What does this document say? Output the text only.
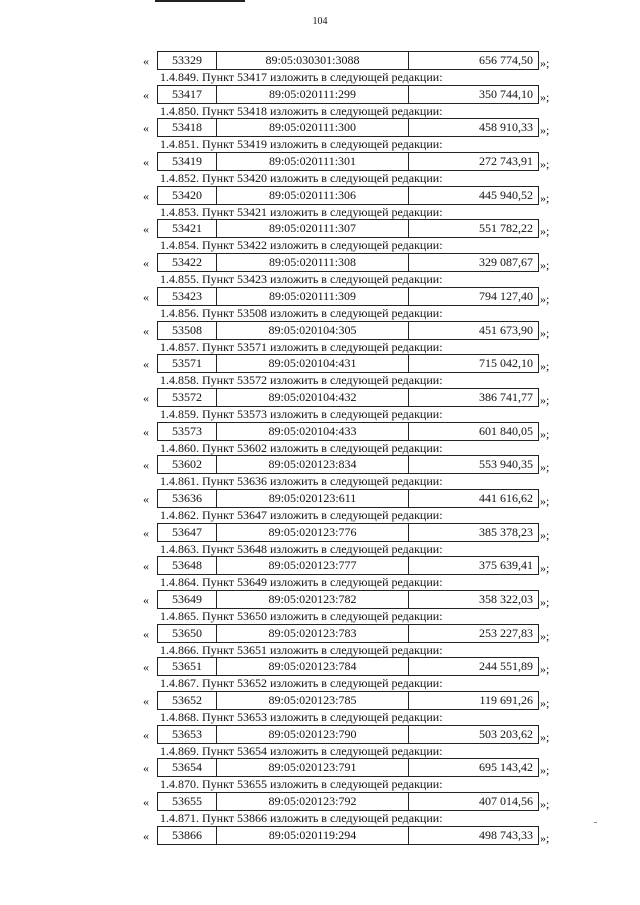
104
«	53329	89:05:030301:3088	656 774,50 »;
1.4.849. Пункт 53417 изложить в следующей редакции:
«	53417	89:05:020111:299	350 744,10 »;
1.4.850. Пункт 53418 изложить в следующей редакции:
«	53418	89:05:020111:300	458 910,33 »;
1.4.851. Пункт 53419 изложить в следующей редакции:
«	53419	89:05:020111:301	272 743,91 »;
1.4.852. Пункт 53420 изложить в следующей редакции:
«	53420	89:05:020111:306	445 940,52 »;
1.4.853. Пункт 53421 изложить в следующей редакции:
«	53421	89:05:020111:307	551 782,22 »;
1.4.854. Пункт 53422 изложить в следующей редакции:
«	53422	89:05:020111:308	329 087,67 »;
1.4.855. Пункт 53423 изложить в следующей редакции:
«	53423	89:05:020111:309	794 127,40 »;
1.4.856. Пункт 53508 изложить в следующей редакции:
«	53508	89:05:020104:305	451 673,90 »;
1.4.857. Пункт 53571 изложить в следующей редакции:
«	53571	89:05:020104:431	715 042,10 »;
1.4.858. Пункт 53572 изложить в следующей редакции:
«	53572	89:05:020104:432	386 741,77 »;
1.4.859. Пункт 53573 изложить в следующей редакции:
«	53573	89:05:020104:433	601 840,05 »;
1.4.860. Пункт 53602 изложить в следующей редакции:
«	53602	89:05:020123:834	553 940,35 »;
1.4.861. Пункт 53636 изложить в следующей редакции:
«	53636	89:05:020123:611	441 616,62 »;
1.4.862. Пункт 53647 изложить в следующей редакции:
«	53647	89:05:020123:776	385 378,23 »;
1.4.863. Пункт 53648 изложить в следующей редакции:
«	53648	89:05:020123:777	375 639,41 »;
1.4.864. Пункт 53649 изложить в следующей редакции:
«	53649	89:05:020123:782	358 322,03 »;
1.4.865. Пункт 53650 изложить в следующей редакции:
«	53650	89:05:020123:783	253 227,83 »;
1.4.866. Пункт 53651 изложить в следующей редакции:
«	53651	89:05:020123:784	244 551,89 »;
1.4.867. Пункт 53652 изложить в следующей редакции:
«	53652	89:05:020123:785	119 691,26 »;
1.4.868. Пункт 53653 изложить в следующей редакции:
«	53653	89:05:020123:790	503 203,62 »;
1.4.869. Пункт 53654 изложить в следующей редакции:
«	53654	89:05:020123:791	695 143,42 »;
1.4.870. Пункт 53655 изложить в следующей редакции:
«	53655	89:05:020123:792	407 014,56 »;
1.4.871. Пункт 53866 изложить в следующей редакции:
«	53866	89:05:020119:294	498 743,33 »;
